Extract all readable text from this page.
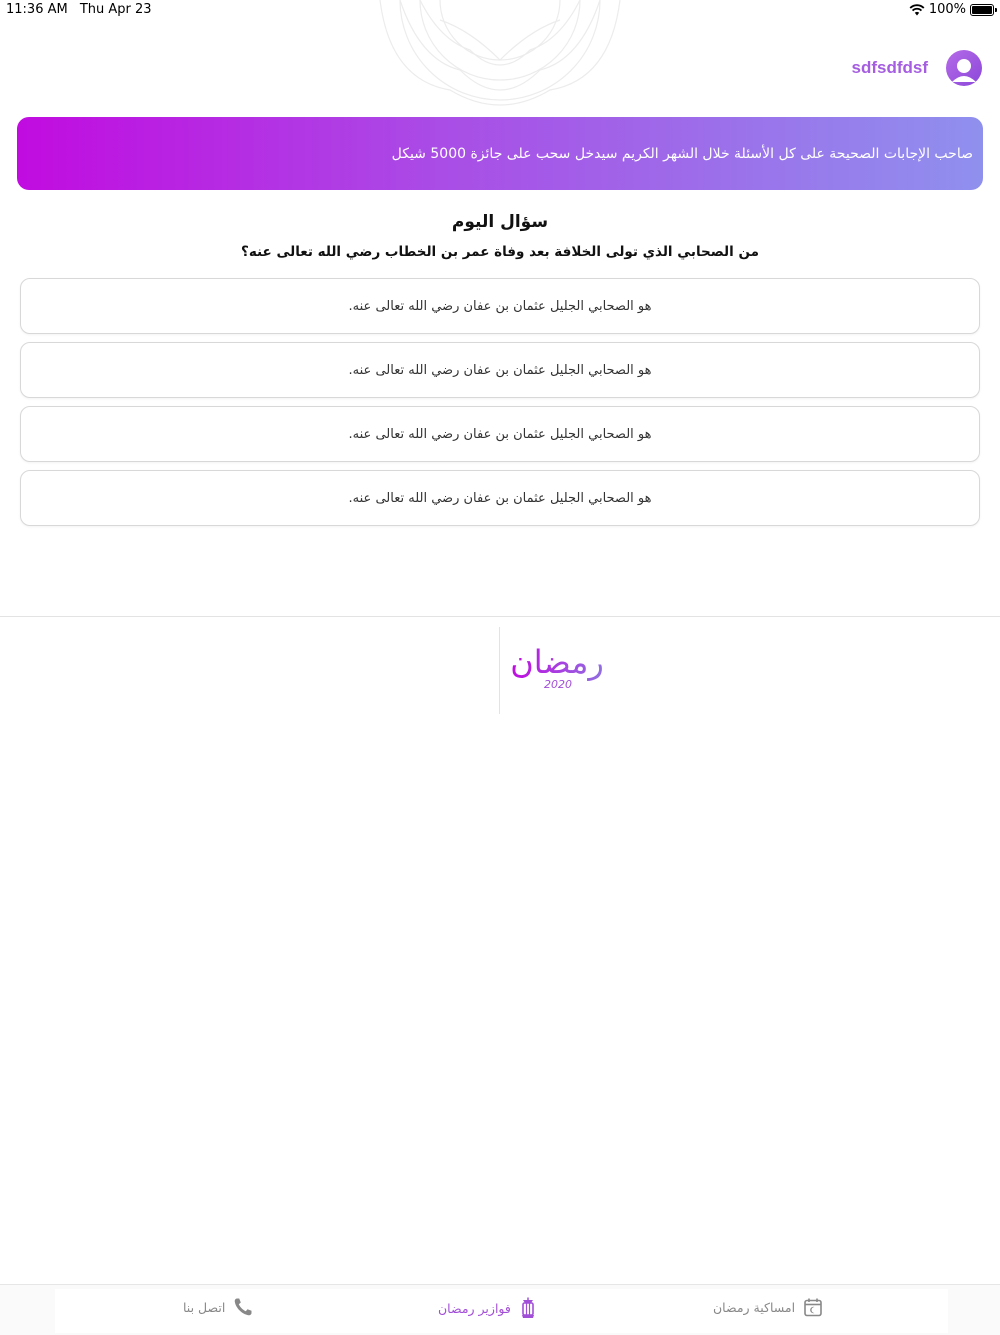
11:36 AM Thu Apr 23	100%
sdfsdfdsf
صاحب الإجابات الصحيحة على كل الأسئلة خلال الشهر الكريم سيدخل سحب على جائزة 5000 شيكل
سؤال اليوم
من الصحابي الذي تولى الخلافة بعد وفاة عمر بن الخطاب رضي الله تعالى عنه؟
هو الصحابي الجليل عثمان بن عفان رضي الله تعالى عنه.
هو الصحابي الجليل عثمان بن عفان رضي الله تعالى عنه.
هو الصحابي الجليل عثمان بن عفان رضي الله تعالى عنه.
هو الصحابي الجليل عثمان بن عفان رضي الله تعالى عنه.
رمضان
2020
امساكية رمضان
فوازير رمضان
اتصل بنا
